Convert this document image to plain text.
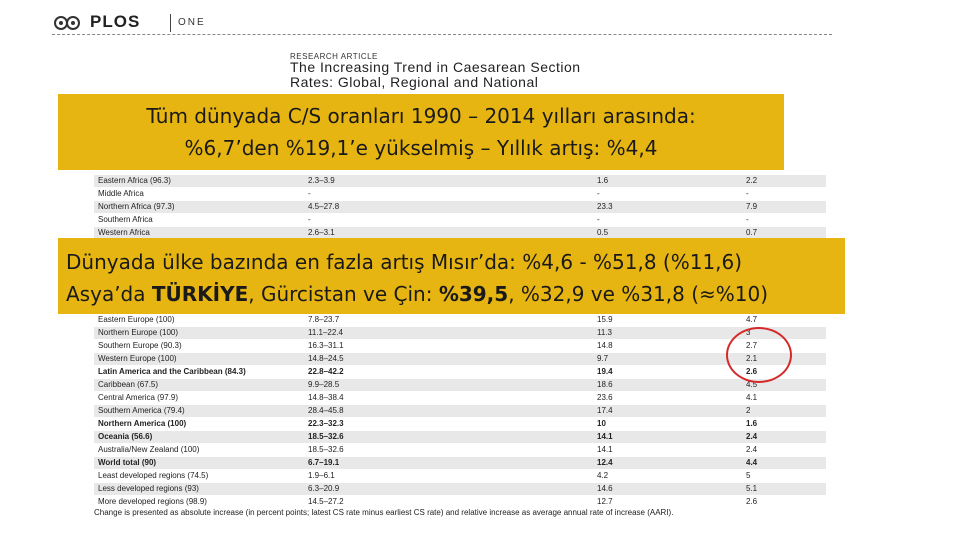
PLOS	ONE
RESEARCH ARTICLE
The Increasing Trend in Caesarean Section
Rates: Global, Regional and National
Eastern Africa (96.3)	2.3–3.9	1.6	2.2
Middle Africa	-	-	-
Northern Africa (97.3)	4.5–27.8	23.3	7.9
Southern Africa	-	-	-
Western Africa	2.6–3.1	0.5	0.7
Eastern Europe (100)	7.8–23.7	15.9	4.7
Northern Europe (100)	11.1–22.4	11.3	3
Southern Europe (90.3)	16.3–31.1	14.8	2.7
Western Europe (100)	14.8–24.5	9.7	2.1
Latin America and the Caribbean (84.3)	22.8–42.2	19.4	2.6
Caribbean (67.5)	9.9–28.5	18.6	4.5
Central America (97.9)	14.8–38.4	23.6	4.1
Southern America (79.4)	28.4–45.8	17.4	2
Northern America (100)	22.3–32.3	10	1.6
Oceania (56.6)	18.5–32.6	14.1	2.4
Australia/New Zealand (100)	18.5–32.6	14.1	2.4
World total (90)	6.7–19.1	12.4	4.4
Least developed regions (74.5)	1.9–6.1	4.2	5
Less developed regions (93)	6.3–20.9	14.6	5.1
More developed regions (98.9)	14.5–27.2	12.7	2.6
Tüm dünyada C/S oranları 1990 – 2014 yılları arasında:
%6,7’den %19,1’e yükselmiş – Yıllık artış: %4,4
Dünyada ülke bazında en fazla artış Mısır’da: %4,6 - %51,8 (%11,6)
Asya’da TÜRKİYE, Gürcistan ve Çin: %39,5, %32,9 ve %31,8 (≈%10)
Change is presented as absolute increase (in percent points; latest CS rate minus earliest CS rate) and relative increase as average annual rate of increase (AARI).
